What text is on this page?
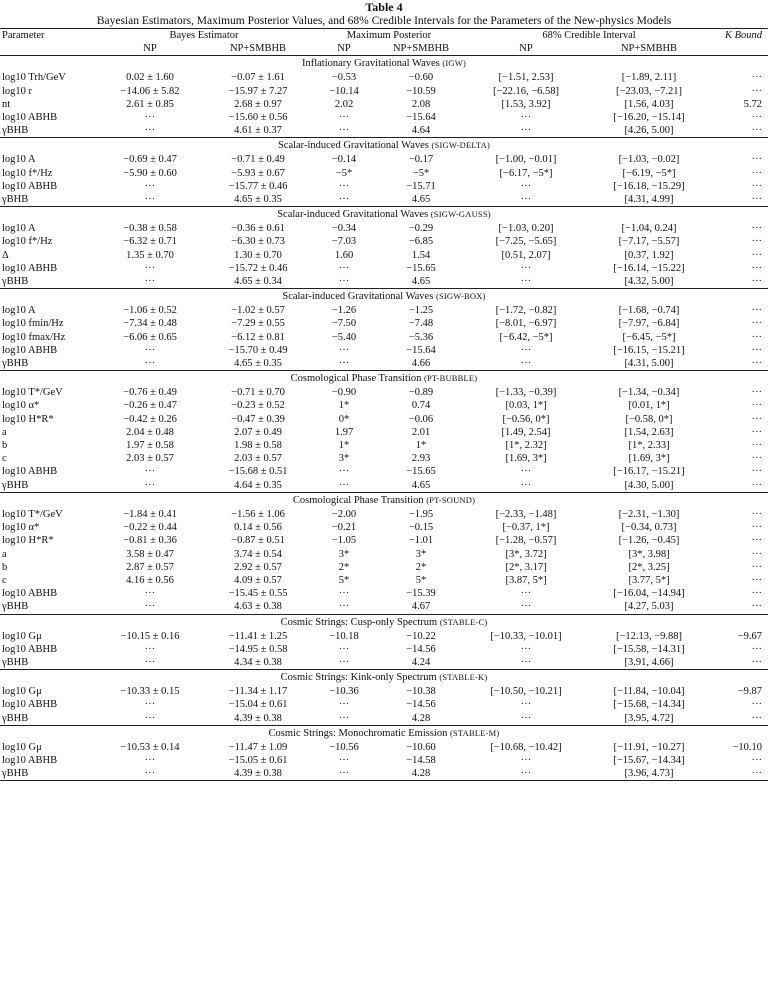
Table 4
Bayesian Estimators, Maximum Posterior Values, and 68% Credible Intervals for the Parameters of the New-physics Models
Parameter	Bayes Estimator		Maximum Posterior		68% Credible Interval		K Bound
	NP	NP+SMBHB	NP	NP+SMBHB	NP	NP+SMBHB	
Inflationary Gravitational Waves (IGW)							
log10 Trh/GeV	0.02 ± 1.60	−0.07 ± 1.61	−0.53	−0.60	[−1.51, 2.53]	[−1.89, 2.11]	···
log10 r	−14.06 ± 5.82	−15.97 ± 7.27	−10.14	−10.59	[−22.16, −6.58]	[−23.03, −7.21]	···
nt	2.61 ± 0.85	2.68 ± 0.97	2.02	2.08	[1.53, 3.92]	[1.56, 4.03]	5.72
log10 ABHB	···	−15.60 ± 0.56	···	−15.64	···	[−16.20, −15.14]	···
γBHB	···	4.61 ± 0.37	···	4.64	···	[4.26, 5.00]	···
Scalar-induced Gravitational Waves (SIGW-DELTA)							
log10 A	−0.69 ± 0.47	−0.71 ± 0.49	−0.14	−0.17	[−1.00, −0.01]	[−1.03, −0.02]	···
log10 f*/Hz	−5.90 ± 0.60	−5.93 ± 0.67	−5*	−5*	[−6.17, −5*]	[−6.19, −5*]	···
log10 ABHB	···	−15.77 ± 0.46	···	−15.71	···	[−16.18, −15.29]	···
γBHB	···	4.65 ± 0.35	···	4.65	···	[4.31, 4.99]	···
Scalar-induced Gravitational Waves (SIGW-GAUSS)							
log10 A	−0.38 ± 0.58	−0.36 ± 0.61	−0.34	−0.29	[−1.03, 0.20]	[−1.04, 0.24]	···
log10 f*/Hz	−6.32 ± 0.71	−6.30 ± 0.73	−7.03	−6.85	[−7.25, −5.65]	[−7.17, −5.57]	···
Δ	1.35 ± 0.70	1.30 ± 0.70	1.60	1.54	[0.51, 2.07]	[0.37, 1.92]	···
log10 ABHB	···	−15.72 ± 0.46	···	−15.65	···	[−16.14, −15.22]	···
γBHB	···	4.65 ± 0.34	···	4.65	···	[4.32, 5.00]	···
Scalar-induced Gravitational Waves (SIGW-BOX)							
log10 A	−1.06 ± 0.52	−1.02 ± 0.57	−1.26	−1.25	[−1.72, −0.82]	[−1.68, −0.74]	···
log10 fmin/Hz	−7.34 ± 0.48	−7.29 ± 0.55	−7.50	−7.48	[−8.01, −6.97]	[−7.97, −6.84]	···
log10 fmax/Hz	−6.06 ± 0.65	−6.12 ± 0.81	−5.40	−5.36	[−6.42, −5*]	[−6.45, −5*]	···
log10 ABHB	···	−15.70 ± 0.49	···	−15.64	···	[−16.15, −15.21]	···
γBHB	···	4.65 ± 0.35	···	4.66	···	[4.31, 5.00]	···
Cosmological Phase Transition (PT-BUBBLE)							
log10 T*/GeV	−0.76 ± 0.49	−0.71 ± 0.70	−0.90	−0.89	[−1.33, −0.39]	[−1.34, −0.34]	···
log10 α*	−0.26 ± 0.47	−0.23 ± 0.52	1*	0.74	[0.03, 1*]	[0.01, 1*]	···
log10 H*R*	−0.42 ± 0.26	−0.47 ± 0.39	0*	−0.06	[−0.56, 0*]	[−0.58, 0*]	···
a	2.04 ± 0.48	2.07 ± 0.49	1.97	2.01	[1.49, 2.54]	[1.54, 2.63]	···
b	1.97 ± 0.58	1.98 ± 0.58	1*	1*	[1*, 2.32]	[1*, 2.33]	···
c	2.03 ± 0.57	2.03 ± 0.57	3*	2.93	[1.69, 3*]	[1.69, 3*]	···
log10 ABHB	···	−15.68 ± 0.51	···	−15.65	···	[−16.17, −15.21]	···
γBHB	···	4.64 ± 0.35	···	4.65	···	[4.30, 5.00]	···
Cosmological Phase Transition (PT-SOUND)							
log10 T*/GeV	−1.84 ± 0.41	−1.56 ± 1.06	−2.00	−1.95	[−2.33, −1.48]	[−2.31, −1.30]	···
log10 α*	−0.22 ± 0.44	0.14 ± 0.56	−0.21	−0.15	[−0.37, 1*]	[−0.34, 0.73]	···
log10 H*R*	−0.81 ± 0.36	−0.87 ± 0.51	−1.05	−1.01	[−1.28, −0.57]	[−1.26, −0.45]	···
a	3.58 ± 0.47	3.74 ± 0.54	3*	3*	[3*, 3.72]	[3*, 3.98]	···
b	2.87 ± 0.57	2.92 ± 0.57	2*	2*	[2*, 3.17]	[2*, 3.25]	···
c	4.16 ± 0.56	4.09 ± 0.57	5*	5*	[3.87, 5*]	[3.77, 5*]	···
log10 ABHB	···	−15.45 ± 0.55	···	−15.39	···	[−16.04, −14.94]	···
γBHB	···	4.63 ± 0.38	···	4.67	···	[4.27, 5.03]	···
Cosmic Strings: Cusp-only Spectrum (STABLE-C)							
log10 Gμ	−10.15 ± 0.16	−11.41 ± 1.25	−10.18	−10.22	[−10.33, −10.01]	[−12.13, −9.88]	−9.67
log10 ABHB	···	−14.95 ± 0.58	···	−14.56	···	[−15.58, −14.31]	···
γBHB	···	4.34 ± 0.38	···	4.24	···	[3.91, 4.66]	···
Cosmic Strings: Kink-only Spectrum (STABLE-K)							
log10 Gμ	−10.33 ± 0.15	−11.34 ± 1.17	−10.36	−10.38	[−10.50, −10.21]	[−11.84, −10.04]	−9.87
log10 ABHB	···	−15.04 ± 0.61	···	−14.56	···	[−15.68, −14.34]	···
γBHB	···	4.39 ± 0.38	···	4.28	···	[3.95, 4.72]	···
Cosmic Strings: Monochromatic Emission (STABLE-M)							
log10 Gμ	−10.53 ± 0.14	−11.47 ± 1.09	−10.56	−10.60	[−10.68, −10.42]	[−11.91, −10.27]	−10.10
log10 ABHB	···	−15.05 ± 0.61	···	−14.58	···	[−15.67, −14.34]	···
γBHB	···	4.39 ± 0.38	···	4.28	···	[3.96, 4.73]	···
